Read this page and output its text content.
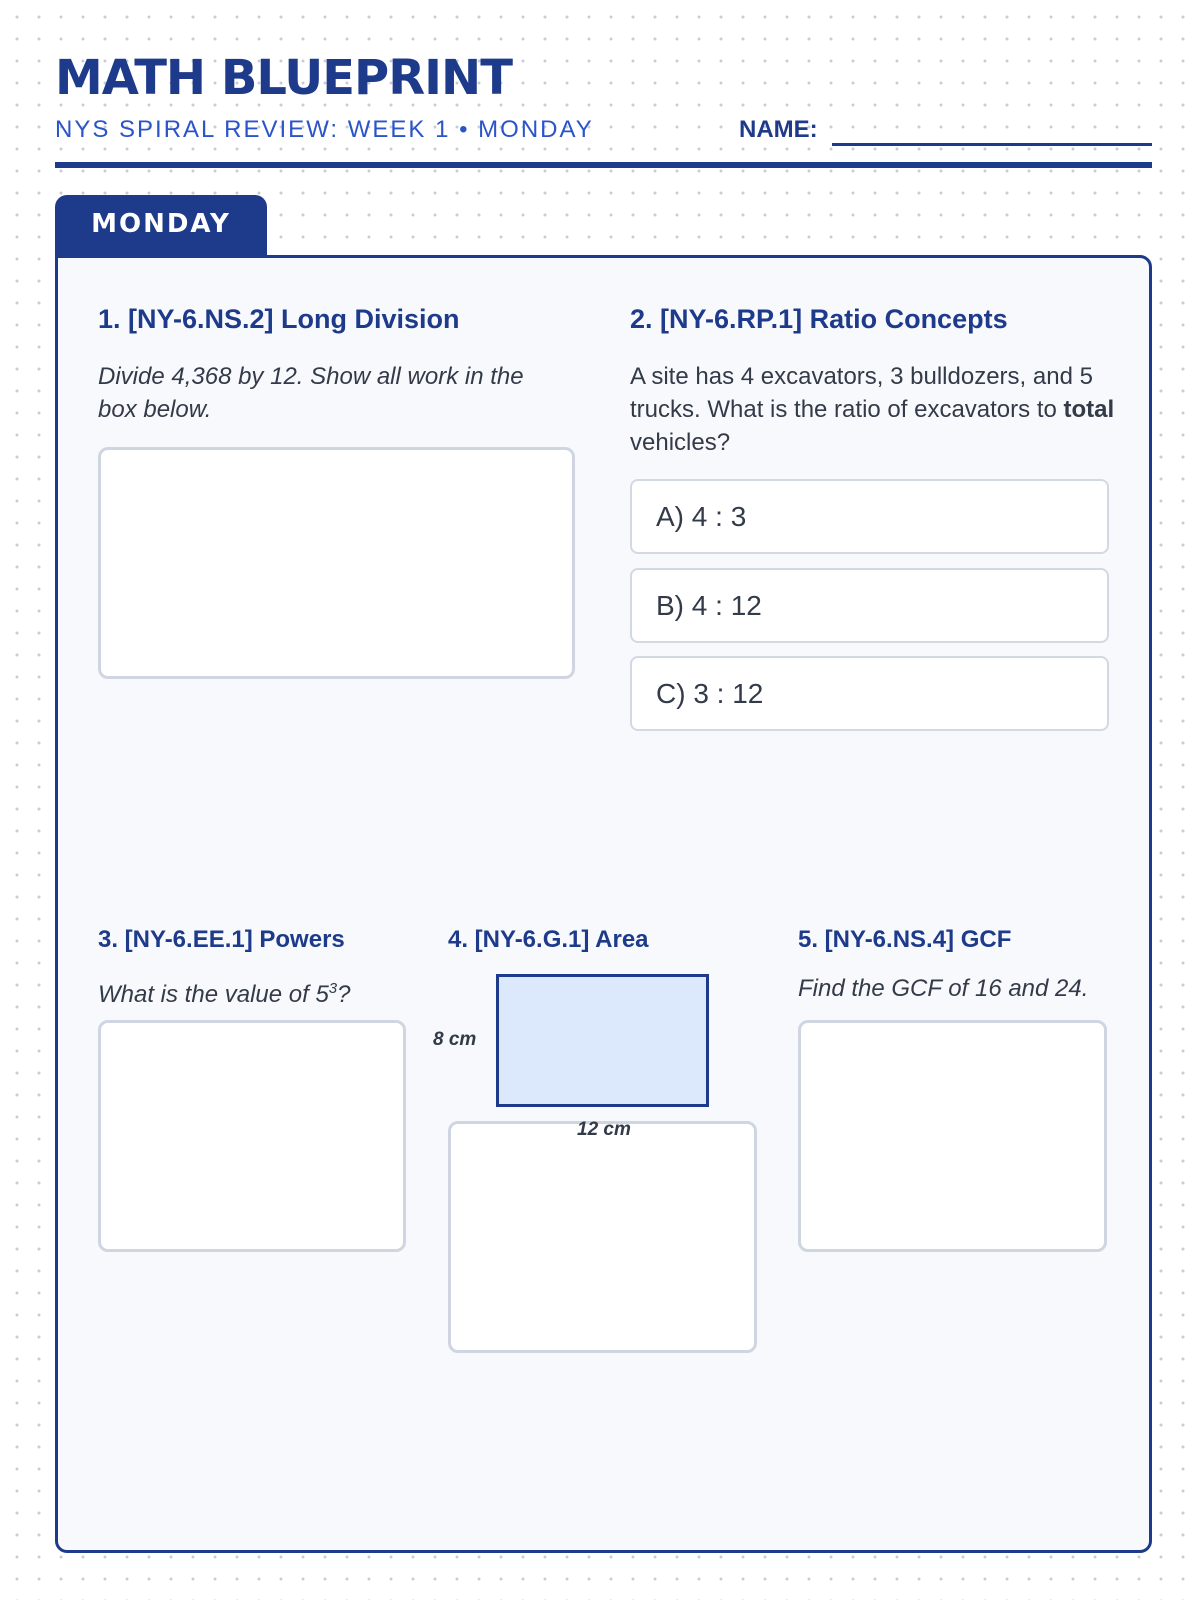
MATH BLUEPRINT
NYS SPIRAL REVIEW: WEEK 1 • MONDAY	NAME:
MONDAY
1. [NY-6.NS.2] Long Division

Divide 4,368 by 12. Show all work in the box below.

2. [NY-6.RP.1] Ratio Concepts

A site has 4 excavators, 3 bulldozers, and 5 trucks. What is the ratio of excavators to total vehicles?

A) 4 : 3
B) 4 : 12
C) 3 : 12
3. [NY-6.EE.1] Powers

What is the value of $5^3$?

4. [NY-6.G.1] Area
8 cm
12 cm
5. [NY-6.NS.4] GCF

Find the GCF of 16 and 24.
